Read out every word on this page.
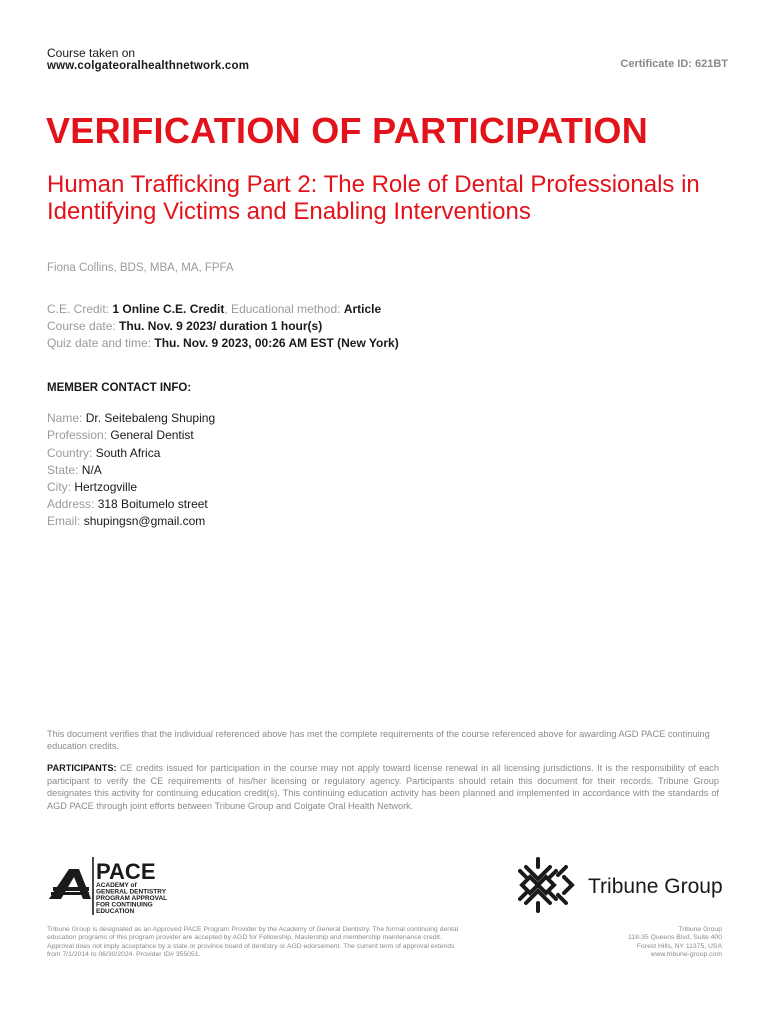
Course taken on
www.colgateoralhealthnetwork.com	Certificate ID: 621BT
VERIFICATION OF PARTICIPATION
Human Trafficking Part 2: The Role of Dental Professionals in Identifying Victims and Enabling Interventions
Fiona Collins, BDS, MBA, MA, FPFA
C.E. Credit: 1 Online C.E. Credit, Educational method: Article
Course date: Thu. Nov. 9 2023/ duration 1 hour(s)
Quiz date and time: Thu. Nov. 9 2023, 00:26 AM EST (New York)
MEMBER CONTACT INFO:
Name: Dr. Seitebaleng Shuping
Profession: General Dentist
Country: South Africa
State: N/A
City: Hertzogville
Address: 318 Boitumelo street
Email: shupingsn@gmail.com
This document verifies that the individual referenced above has met the complete requirements of the course referenced above for awarding AGD PACE continuing education credits.
PARTICIPANTS: CE credits issued for participation in the course may not apply toward license renewal in all licensing jurisdictions. It is the responsibility of each participant to verify the CE requirements of his/her licensing or regulatory agency. Participants should retain this document for their records. Tribune Group designates this activity for continuing education credit(s). This continuing education activity has been planned and implemented in accordance with the standards of AGD PACE through joint efforts between Tribune Group and Colgate Oral Health Network.
PACE
ACADEMY of
GENERAL DENTISTRY
PROGRAM APPROVAL
FOR CONTINUING
EDUCATION
Tribune Group
Tribune Group is designated as an Approved PACE Program Provider by the Academy of General Dentistry. The formal continuing dental education programs of this program provider are accepted by AGD for Fellowship, Mastership and membership maintenance credit. Approval does not imply acceptance by a state or province board of dentistry or AGD edorsement. The current term of approval extends from 7/1/2014 to 06/30/2024. Provider ID# 355051.
Tribune Group
118-35 Queens Blvd, Suite 400
Forest Hills, NY 11375, USA
www.tribune-group.com
